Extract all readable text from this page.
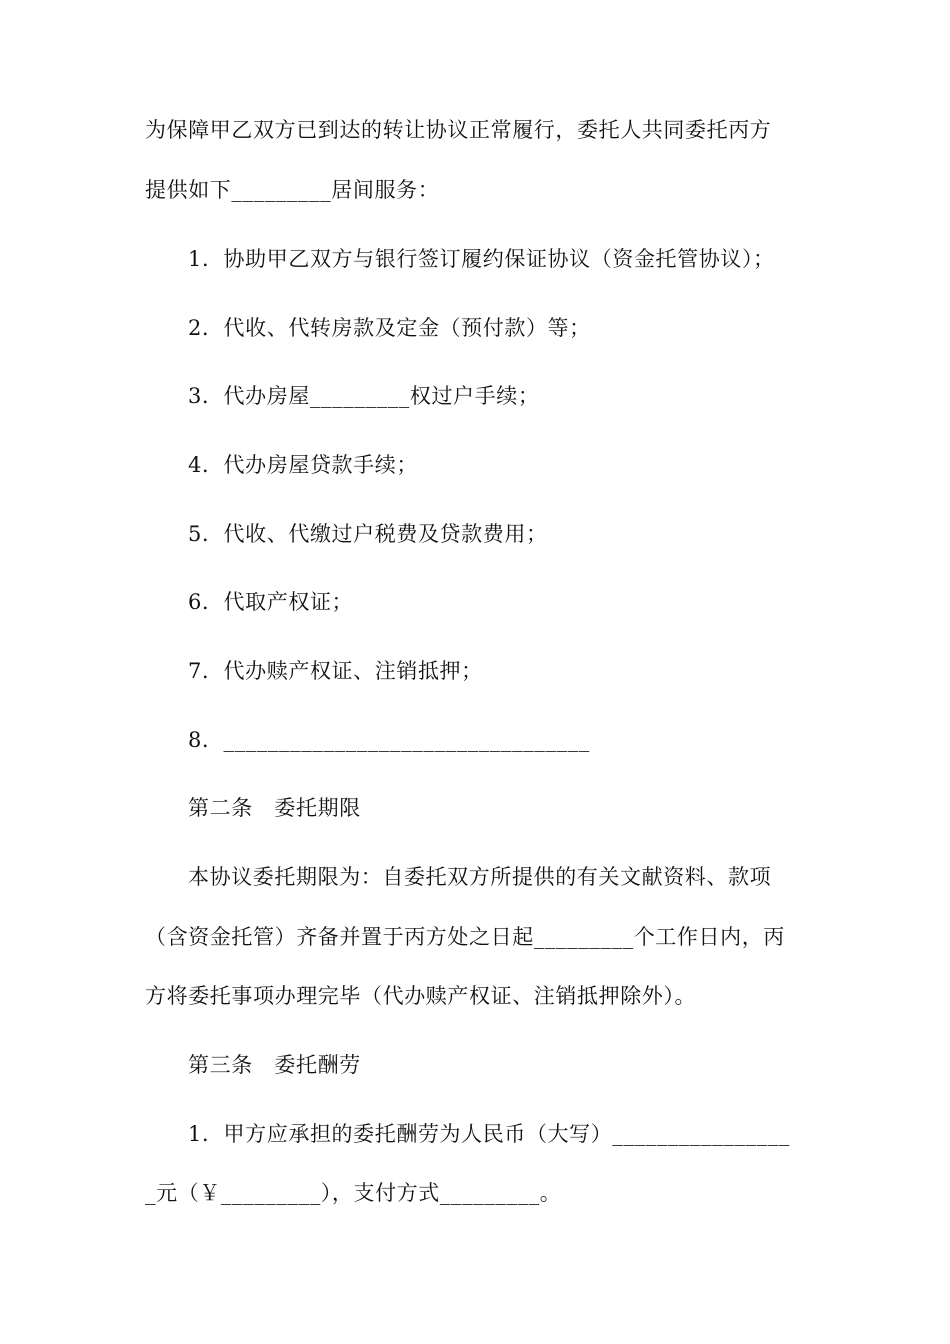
为保障甲乙双方已到达的转让协议正常履行，委托人共同委托丙方
提供如下_________居间服务：
1．协助甲乙双方与银行签订履约保证协议（资金托管协议）；
2．代收、代转房款及定金（预付款）等；
3．代办房屋_________权过户手续；
4．代办房屋贷款手续；
5．代收、代缴过户税费及贷款费用；
6．代取产权证；
7．代办赎产权证、注销抵押；
8．_________________________________
第二条　委托期限
本协议委托期限为：自委托双方所提供的有关文献资料、款项
（含资金托管）齐备并置于丙方处之日起_________个工作日内，丙
方将委托事项办理完毕（代办赎产权证、注销抵押除外）。
第三条　委托酬劳
1．甲方应承担的委托酬劳为人民币（大写）________________
_元（￥_________），支付方式_________。
